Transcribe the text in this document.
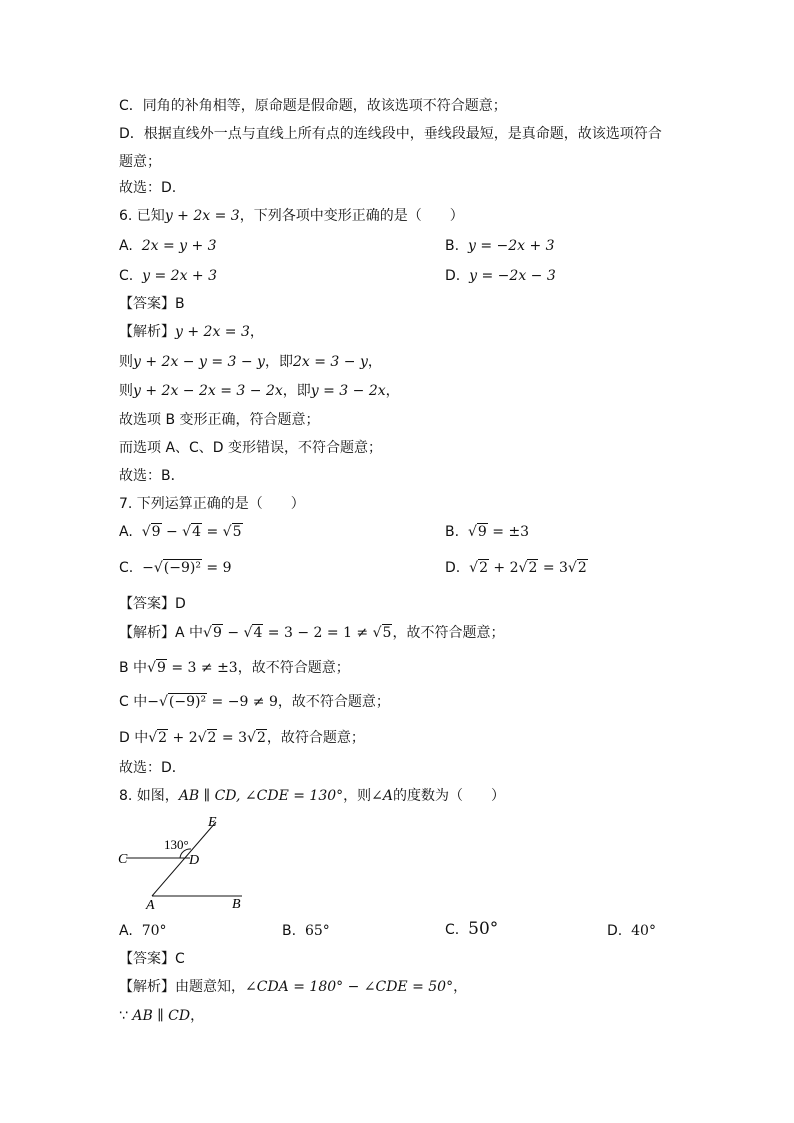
C．同角的补角相等，原命题是假命题，故该选项不符合题意；
D．根据直线外一点与直线上所有点的连线段中，垂线段最短，是真命题，故该选项符合
题意；
故选：D.
6. 已知y + 2x = 3，下列各项中变形正确的是（　　）
A. 2x = y + 3	B. y = −2x + 3
C. y = 2x + 3	D. y = −2x − 3
【答案】B
【解析】y + 2x = 3，
则y + 2x − y = 3 − y，即2x = 3 − y，
则y + 2x − 2x = 3 − 2x，即y = 3 − 2x，
故选项 B 变形正确，符合题意；
而选项 A、C、D 变形错误，不符合题意；
故选：B．
7. 下列运算正确的是（　　）
A. √9 − √4 = √5	B. √9 = ±3
C. −√(−9)² = 9	D. √2 + 2√2 = 3√2
【答案】D
【解析】A 中√9 − √4 = 3 − 2 = 1 ≠ √5，故不符合题意；
B 中√9 = 3 ≠ ±3，故不符合题意；
C 中−√(−9)² = −9 ≠ 9，故不符合题意；
D 中√2 + 2√2 = 3√2，故符合题意；
故选：D．
8. 如图，AB ∥ CD, ∠CDE = 130°，则∠A的度数为（　　）
E
C	D
A	B
130°
A. 70°	B. 65°	C. 50°	D. 40°
【答案】C
【解析】由题意知，∠CDA = 180° − ∠CDE = 50°，
∵ AB ∥ CD，
